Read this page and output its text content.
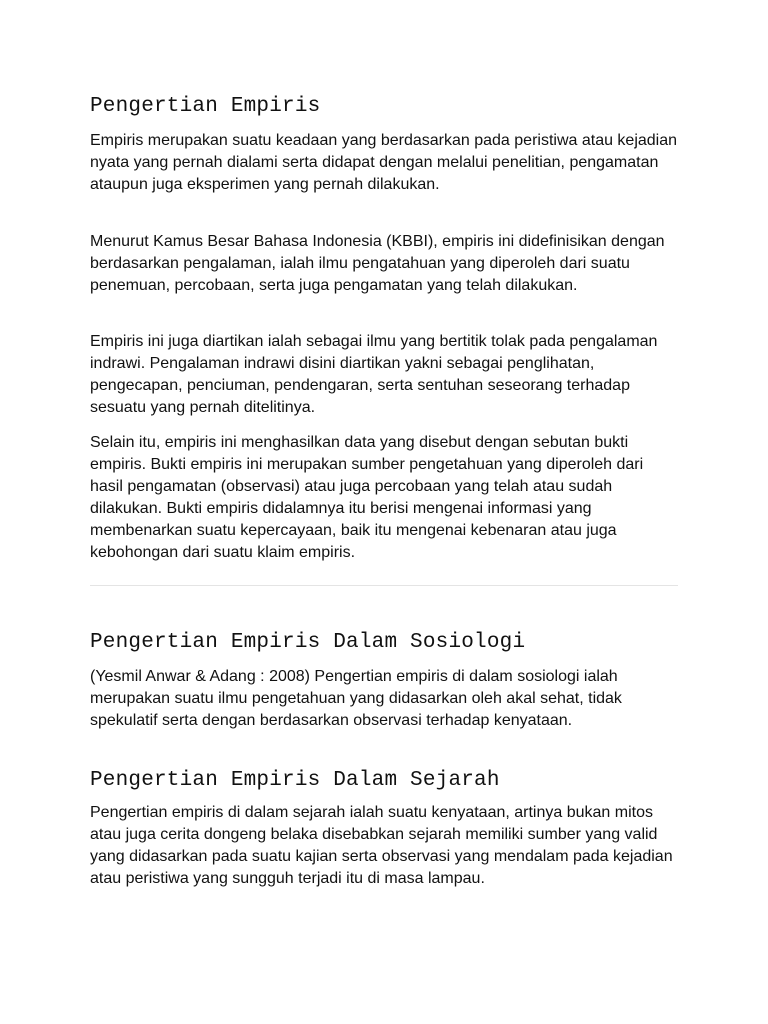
Pengertian Empiris

Empiris merupakan suatu keadaan yang berdasarkan pada peristiwa atau kejadian nyata yang pernah dialami serta didapat dengan melalui penelitian, pengamatan ataupun juga eksperimen yang pernah dilakukan.

Menurut Kamus Besar Bahasa Indonesia (KBBI), empiris ini didefinisikan dengan berdasarkan pengalaman, ialah ilmu pengatahuan yang diperoleh dari suatu penemuan, percobaan, serta juga pengamatan yang telah dilakukan.

Empiris ini juga diartikan ialah sebagai ilmu yang bertitik tolak pada pengalaman indrawi. Pengalaman indrawi disini diartikan yakni sebagai penglihatan, pengecapan, penciuman, pendengaran, serta sentuhan seseorang terhadap sesuatu yang pernah ditelitinya.

Selain itu, empiris ini menghasilkan data yang disebut dengan sebutan bukti empiris. Bukti empiris ini merupakan sumber pengetahuan yang diperoleh dari hasil pengamatan (observasi) atau juga percobaan yang telah atau sudah dilakukan. Bukti empiris didalamnya itu berisi mengenai informasi yang membenarkan suatu kepercayaan, baik itu mengenai kebenaran atau juga kebohongan dari suatu klaim empiris.

Pengertian Empiris Dalam Sosiologi

(Yesmil Anwar & Adang : 2008) Pengertian empiris di dalam sosiologi ialah merupakan suatu ilmu pengetahuan yang didasarkan oleh akal sehat, tidak spekulatif serta dengan berdasarkan observasi terhadap kenyataan.

Pengertian Empiris Dalam Sejarah

Pengertian empiris di dalam sejarah ialah suatu kenyataan, artinya bukan mitos atau juga cerita dongeng belaka disebabkan sejarah memiliki sumber yang valid yang didasarkan pada suatu kajian serta observasi yang mendalam pada kejadian atau peristiwa yang sungguh terjadi itu di masa lampau.
